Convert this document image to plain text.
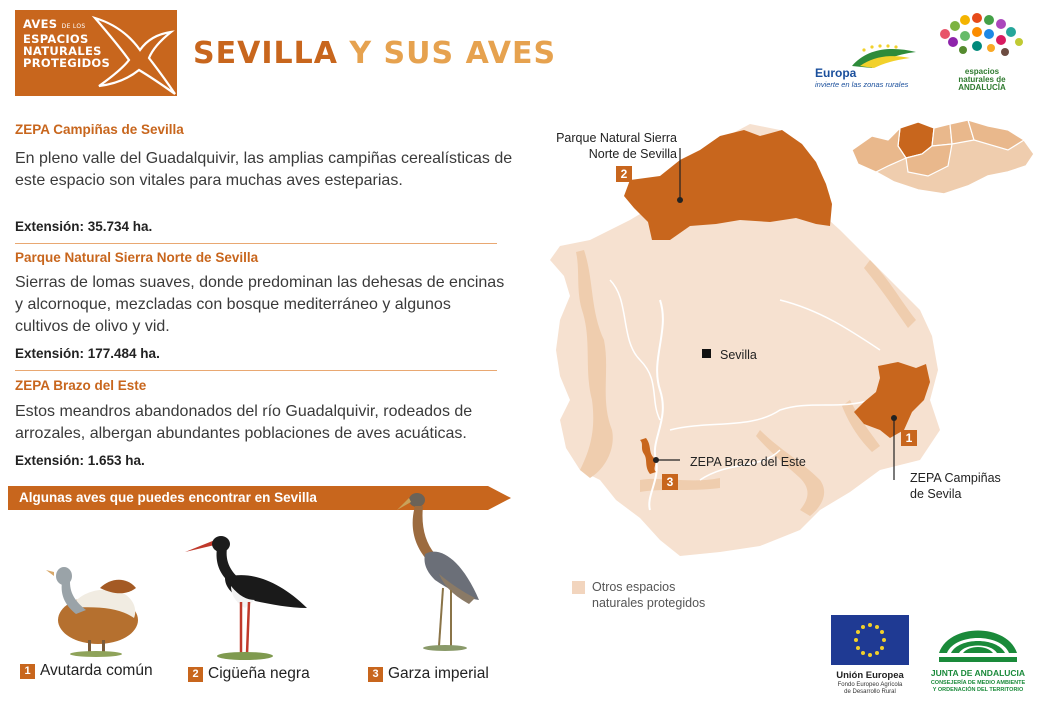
AVES DE LOS
ESPACIOS
NATURALES
PROTEGIDOS	SEVILLA Y SUS AVES
Europa
invierte en las zonas rurales
espacios
naturales de
ANDALUCÍA
ZEPA Campiñas de Sevilla
En pleno valle del Guadalquivir, las amplias campiñas cerealísticas de este espacio son vitales para muchas aves esteparias.
Extensión: 35.734 ha.
Parque Natural Sierra Norte de Sevilla
Sierras de lomas suaves, donde predominan las dehesas de encinas y alcornoque, mezcladas con bosque mediterráneo y algunos cultivos de olivo y vid.
Extensión: 177.484 ha.
ZEPA Brazo del Este
Estos meandros abandonados del río Guadalquivir, rodeados de arrozales, albergan abundantes poblaciones de aves acuáticas.
Extensión: 1.653 ha.
Algunas aves que puedes encontrar en Sevilla
1 Avutarda común	2 Cigüeña negra	3 Garza imperial
Parque Natural Sierra
Norte de Sevilla
2
Sevilla
ZEPA Brazo del Este
3
1
ZEPA Campiñas
de Sevila
Otros espacios
naturales protegidos
Unión Europea
Fondo Europeo Agrícola
de Desarrollo Rural
JUNTA DE ANDALUCIA
CONSEJERÍA DE MEDIO AMBIENTE
Y ORDENACIÓN DEL TERRITORIO
